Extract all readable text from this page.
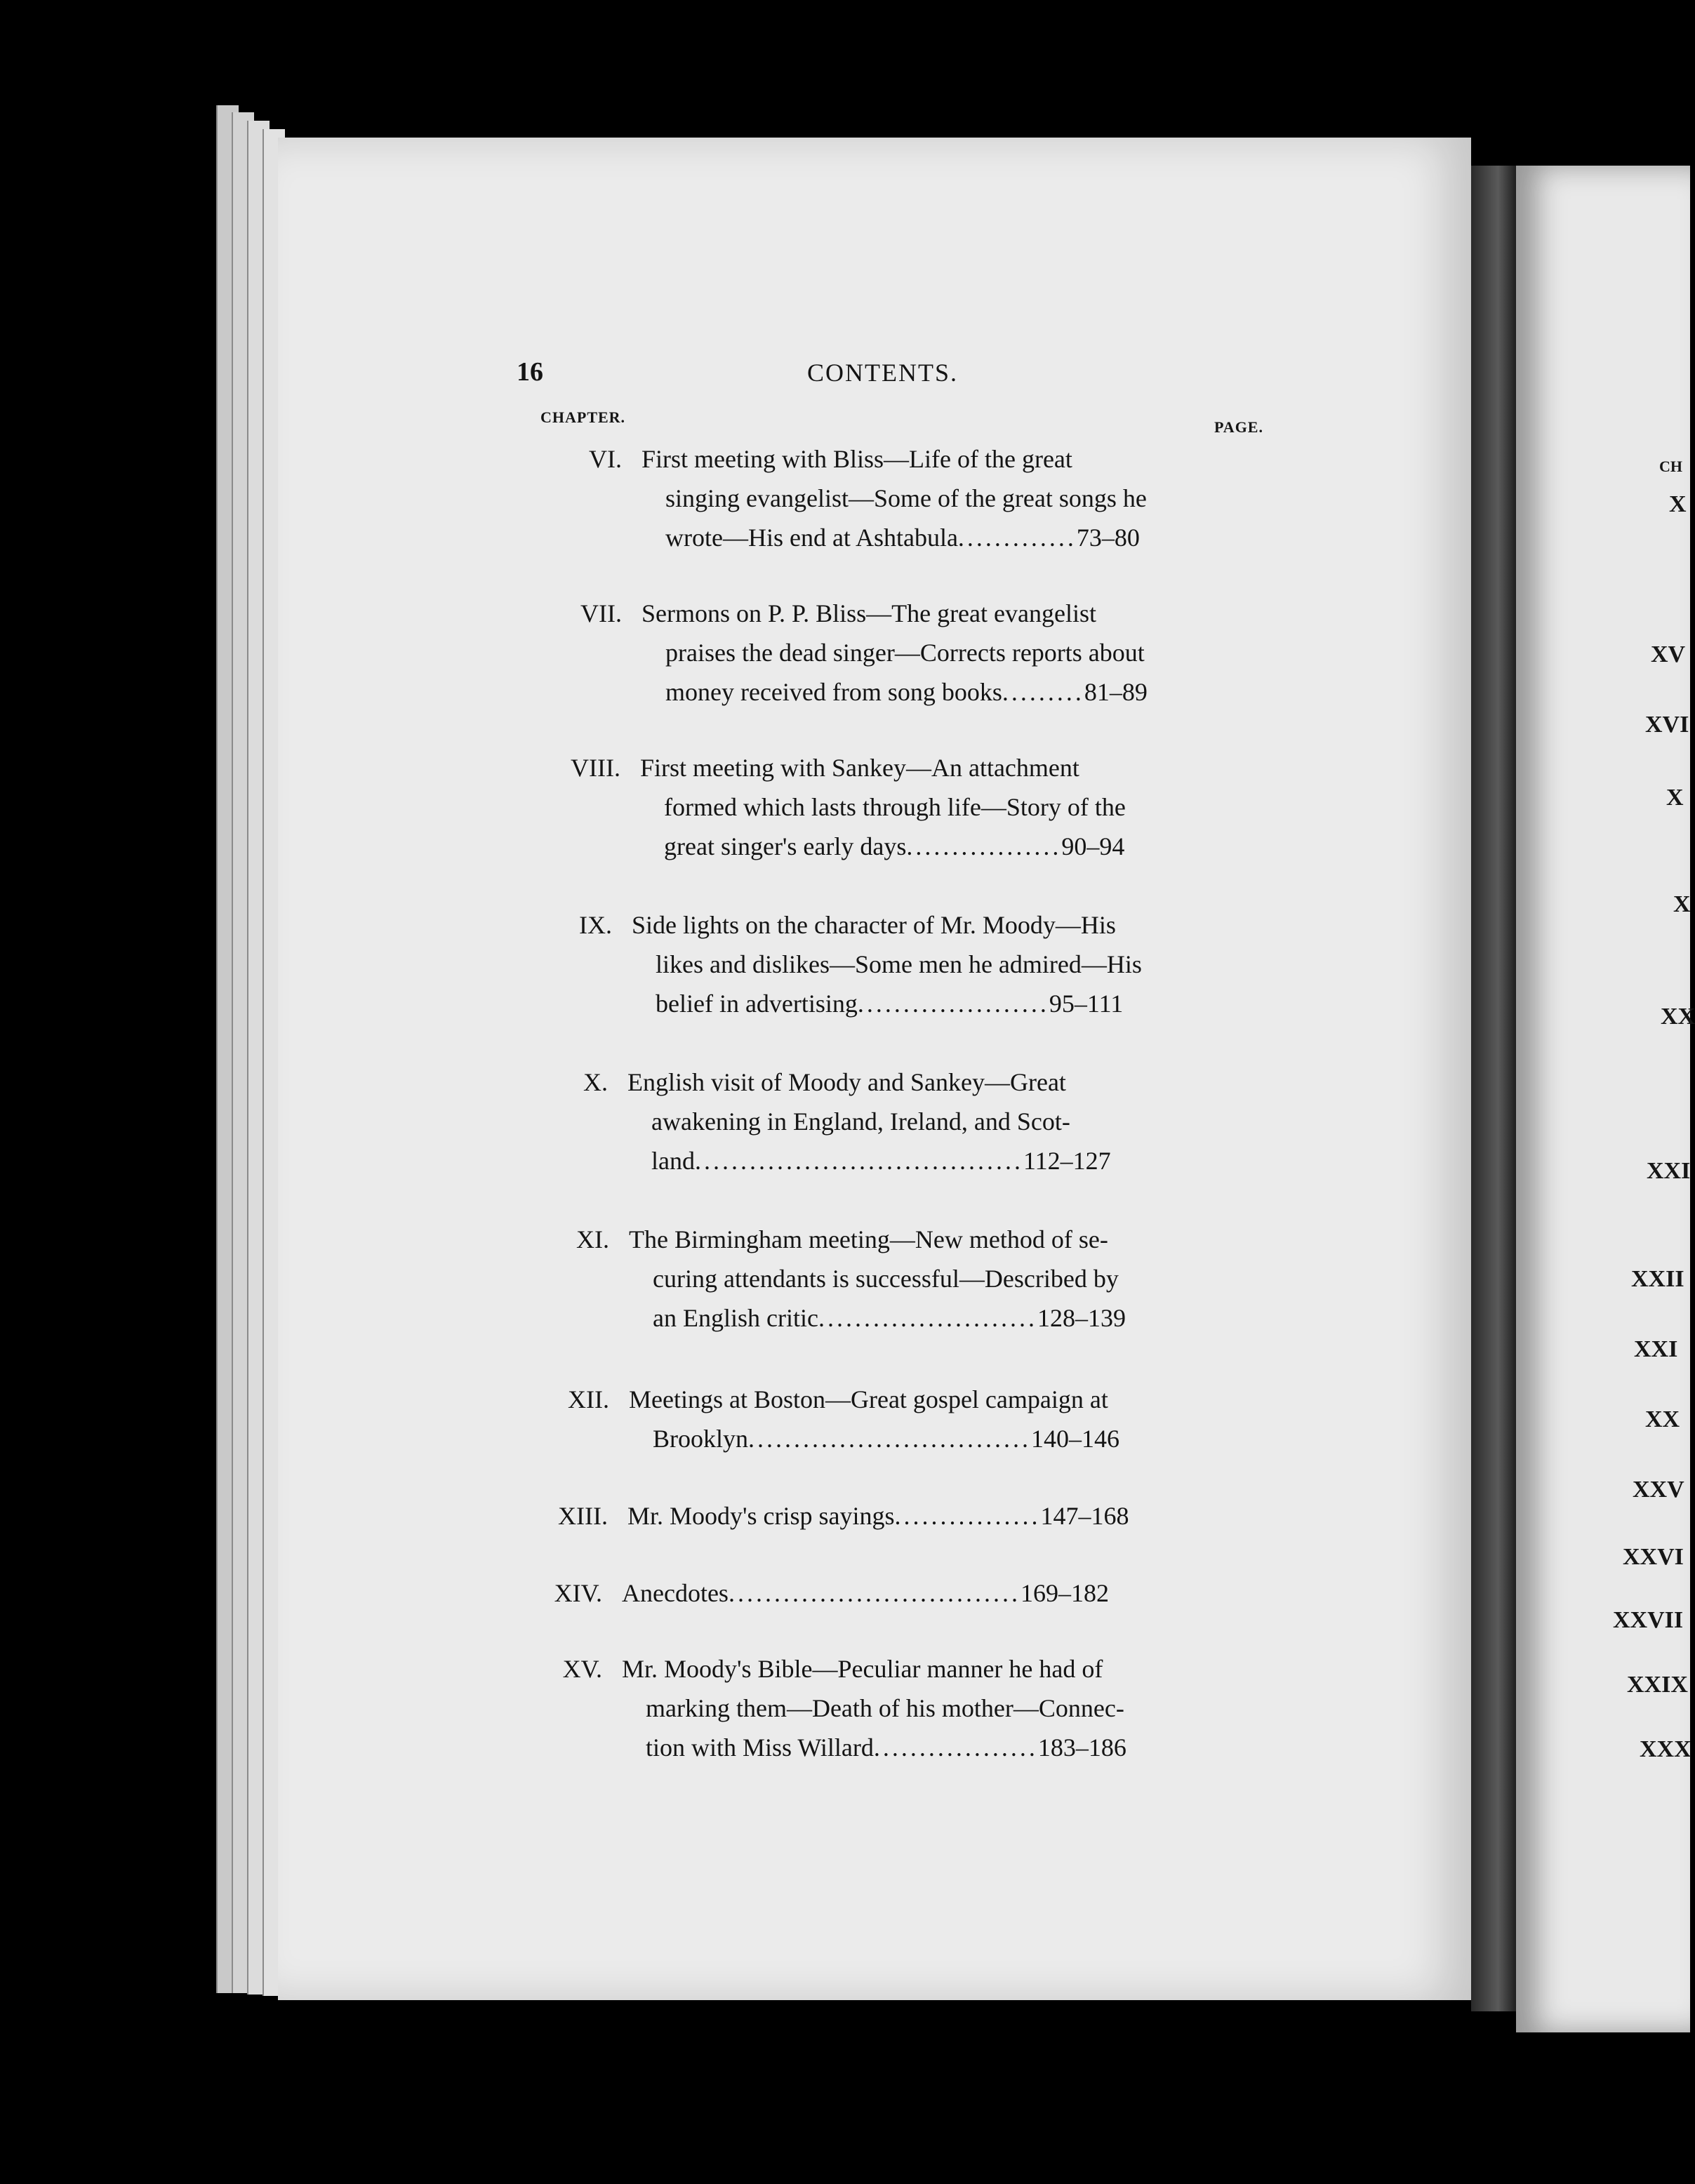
16	CONTENTS.
CHAPTER.
PAGE.
VI. First meeting with Bliss—Life of the great
singing evangelist—Some of the great songs he
wrote—His end at Ashtabula.............73–80
VII. Sermons on P. P. Bliss—The great evangelist
praises the dead singer—Corrects reports about
money received from song books.........81–89
VIII. First meeting with Sankey—An attachment
formed which lasts through life—Story of the
great singer's early days.................90–94
IX. Side lights on the character of Mr. Moody—His
likes and dislikes—Some men he admired—His
belief in advertising.....................95–111
X. English visit of Moody and Sankey—Great
awakening in England, Ireland, and Scot-
land....................................112–127
XI. The Birmingham meeting—New method of se-
curing attendants is successful—Described by
an English critic........................128–139
XII. Meetings at Boston—Great gospel campaign at
Brooklyn...............................140–146
XIII. Mr. Moody's crisp sayings................147–168
XIV. Anecdotes................................169–182
XV. Mr. Moody's Bible—Peculiar manner he had of
marking them—Death of his mother—Connec-
tion with Miss Willard..................183–186
CH
X
XV
XVI
X
X
XX
XXI
XXII
XXI
XX
XXV
XXVI
XXVII
XXIX
XXX
